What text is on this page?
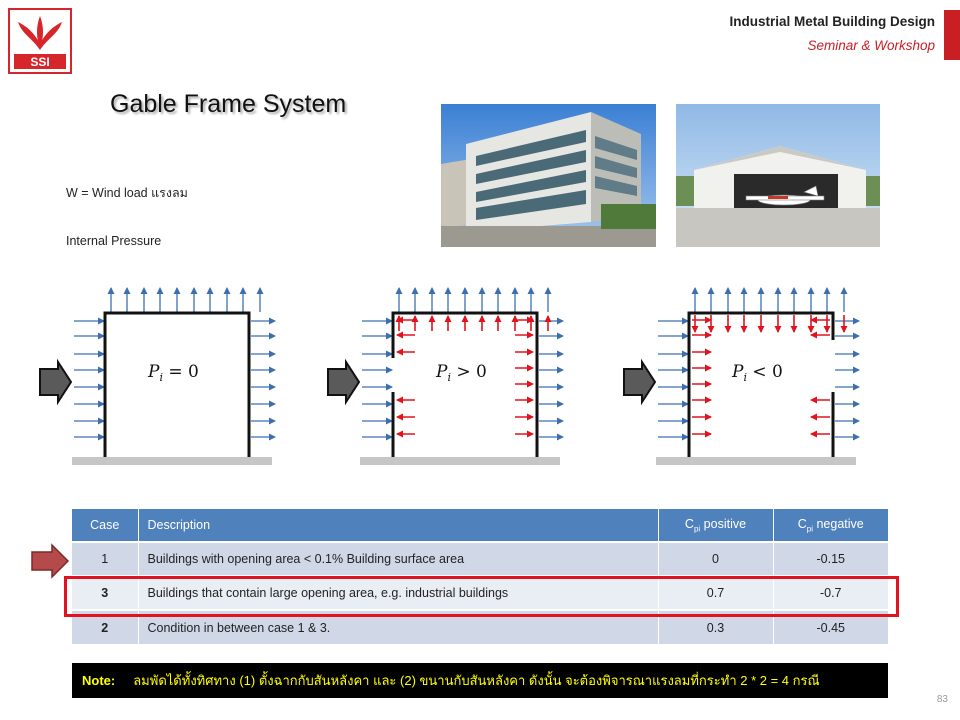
SSI
Industrial Metal Building Design
Seminar & Workshop
Gable Frame System
W = Wind load แรงลม
Internal Pressure
$P_i = 0$	$P_i > 0$	$P_i < 0$
Case	Description	$C_{pi}$ positive	$C_{pi}$ negative
1	Buildings with opening area < 0.1% Building surface area	0	-0.15
3	Buildings that contain large opening area, e.g. industrial buildings	0.7	-0.7
2	Condition in between case 1 & 3.	0.3	-0.45
Note: ลมพัดได้ทั้งทิศทาง (1) ตั้งฉากกับสันหลังคา และ (2) ขนานกับสันหลังคา ดังนั้น จะต้องพิจารณาแรงลมที่กระทำ 2 * 2 = 4 กรณี
83
